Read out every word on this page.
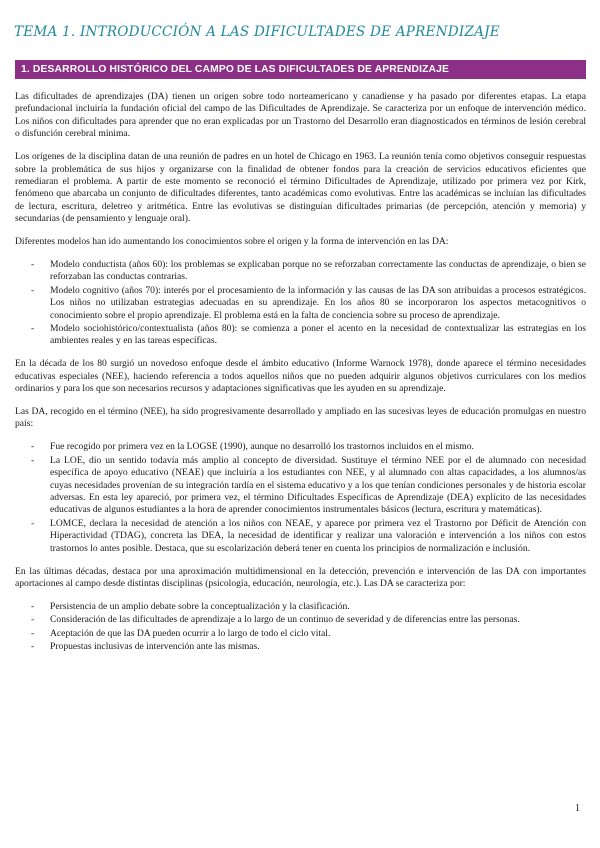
TEMA 1. INTRODUCCIÓN A LAS DIFICULTADES DE APRENDIZAJE
1. DESARROLLO HISTÓRICO DEL CAMPO DE LAS DIFICULTADES DE APRENDIZAJE

Las dificultades de aprendizajes (DA) tienen un origen sobre todo norteamericano y canadiense y ha pasado por diferentes etapas. La etapa prefundacional incluiría la fundación oficial del campo de las Dificultades de Aprendizaje. Se caracteriza por un enfoque de intervención médico. Los niños con dificultades para aprender que no eran explicadas por un Trastorno del Desarrollo eran diagnosticados en términos de lesión cerebral o disfunción cerebral mínima.

Los orígenes de la disciplina datan de una reunión de padres en un hotel de Chicago en 1963. La reunión tenía como objetivos conseguir respuestas sobre la problemática de sus hijos y organizarse con la finalidad de obtener fondos para la creación de servicios educativos eficientes que remediaran el problema. A partir de este momento se reconoció el término Dificultades de Aprendizaje, utilizado por primera vez por Kirk, fenómeno que abarcaba un conjunto de dificultades diferentes, tanto académicas como evolutivas. Entre las académicas se incluían las dificultades de lectura, escritura, deletreo y aritmética. Entre las evolutivas se distinguían dificultades primarias (de percepción, atención y memoria) y secundarias (de pensamiento y lenguaje oral).

Diferentes modelos han ido aumentando los conocimientos sobre el origen y la forma de intervención en las DA:

- Modelo conductista (años 60): los problemas se explicaban porque no se reforzaban correctamente las conductas de aprendizaje, o bien se reforzaban las conductas contrarias.
- Modelo cognitivo (años 70): interés por el procesamiento de la información y las causas de las DA son atribuidas a procesos estratégicos. Los niños no utilizaban estrategias adecuadas en su aprendizaje. En los años 80 se incorporaron los aspectos metacognitivos o conocimiento sobre el propio aprendizaje. El problema está en la falta de conciencia sobre su proceso de aprendizaje.
- Modelo sociohistórico/contextualista (años 80): se comienza a poner el acento en la necesidad de contextualizar las estrategias en los ambientes reales y en las tareas específicas.

En la década de los 80 surgió un novedoso enfoque desde el ámbito educativo (Informe Warnock 1978), donde aparece el término necesidades educativas especiales (NEE), haciendo referencia a todos aquellos niños que no pueden adquirir algunos objetivos curriculares con los medios ordinarios y para los que son necesarios recursos y adaptaciones significativas que les ayuden en su aprendizaje.

Las DA, recogido en el término (NEE), ha sido progresivamente desarrollado y ampliado en las sucesivas leyes de educación promulgas en nuestro país:

- Fue recogido por primera vez en la LOGSE (1990), aunque no desarrolló los trastornos incluidos en el mismo.
- La LOE, dio un sentido todavía más amplio al concepto de diversidad. Sustituye el término NEE por el de alumnado con necesidad específica de apoyo educativo (NEAE) que incluiría a los estudiantes con NEE, y al alumnado con altas capacidades, a los alumnos/as cuyas necesidades provenían de su integración tardía en el sistema educativo y a los que tenían condiciones personales y de historia escolar adversas. En esta ley apareció, por primera vez, el término Dificultades Específicas de Aprendizaje (DEA) explícito de las necesidades educativas de algunos estudiantes a la hora de aprender conocimientos instrumentales básicos (lectura, escritura y matemáticas).
- LOMCE, declara la necesidad de atención a los niños con NEAE, y aparece por primera vez el Trastorno por Déficit de Atención con Hiperactividad (TDAG), concreta las DEA, la necesidad de identificar y realizar una valoración e intervención a los niños con estos trastornos lo antes posible. Destaca, que su escolarización deberá tener en cuenta los principios de normalización e inclusión.

En las últimas décadas, destaca por una aproximación multidimensional en la detección, prevención e intervención de las DA con importantes aportaciones al campo desde distintas disciplinas (psicología, educación, neurología, etc.). Las DA se caracteriza por:

- Persistencia de un amplio debate sobre la conceptualización y la clasificación.
- Consideración de las dificultades de aprendizaje a lo largo de un continuo de severidad y de diferencias entre las personas.
- Aceptación de que las DA pueden ocurrir a lo largo de todo el ciclo vital.
- Propuestas inclusivas de intervención ante las mismas.
1
